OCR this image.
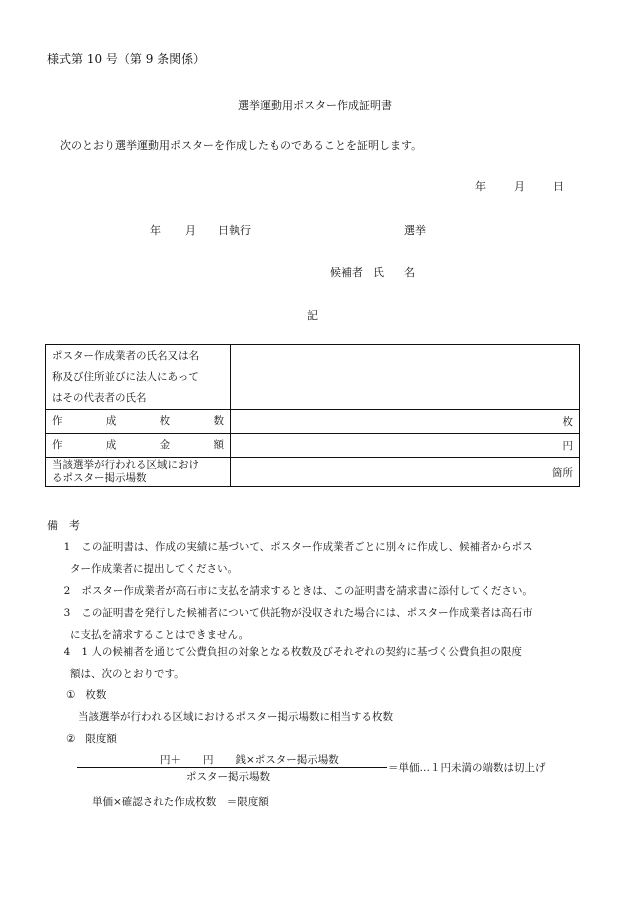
様式第 10 号（第 9 条関係）
選挙運動用ポスター作成証明書
次のとおり選挙運動用ポスターを作成したものであることを証明します。
年	月	日
年 月 日執行	選挙
候補者 氏 名
記
ポスター作成業者の氏名又は名
称及び住所並びに法人にあって
はその代表者の氏名	

作 成 枚 数	枚

作 成 金 額	円

当該選挙が行われる区域におけ
るポスター掲示場数	箇所
備　考
1 この証明書は、作成の実績に基づいて、ポスター作成業者ごとに別々に作成し、候補者からポス
ター作成業者に提出してください。
2 ポスター作成業者が高石市に支払を請求するときは、この証明書を請求書に添付してください。
3 この証明書を発行した候補者について供託物が没収された場合には、ポスター作成業者は高石市
に支払を請求することはできません。
4 1 人の候補者を通じて公費負担の対象となる枚数及びそれぞれの契約に基づく公費負担の限度
額は、次のとおりです。
① 枚数
当該選挙が行われる区域におけるポスター掲示場数に相当する枚数
② 限度額
円＋ 円 銭×ポスター掲示場数
＝単価…１円未満の端数は切上げ
ポスター掲示場数
単価×確認された作成枚数　＝限度額
